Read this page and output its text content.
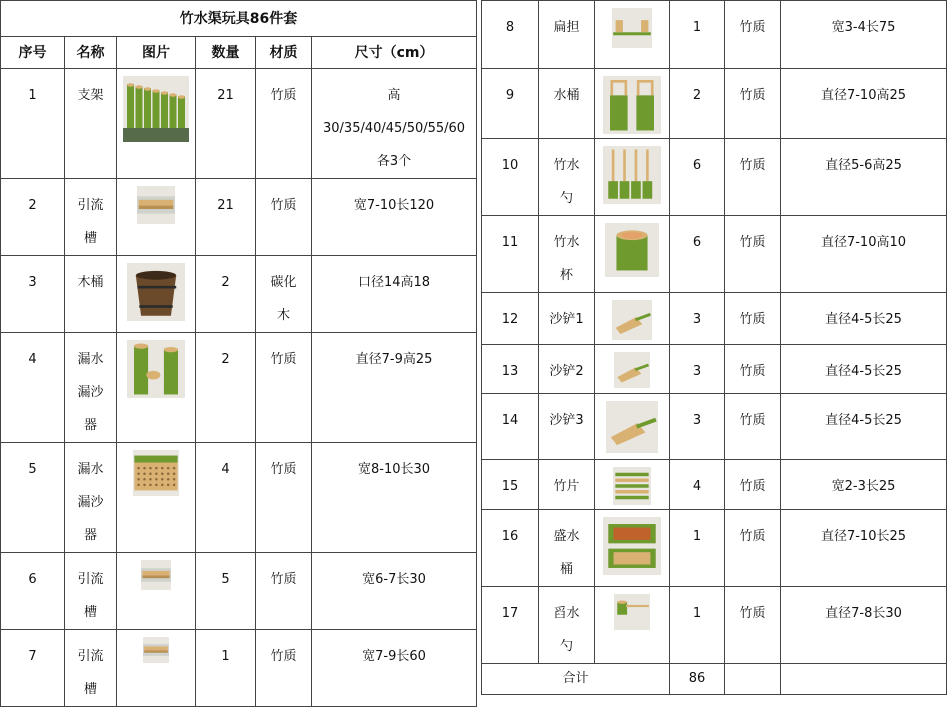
竹水渠玩具86件套					
序号	名称	图片	数量	材质	尺寸（cm）
1	支架		21	竹质	高
30/35/40/45/50/55/60
各3个

2	引流
槽		21	竹质	宽7-10长120

3	木桶		2	碳化
木	口径14高18

4	漏水
漏沙
器		2	竹质	直径7-9高25

5	漏水
漏沙
器		4	竹质	宽8-10长30

6	引流
槽		5	竹质	宽6-7长30

7	引流
槽		1	竹质	宽7-9长60
8	扁担		1	竹质	宽3-4长75
9	水桶		2	竹质	直径7-10高25
10	竹水
勺		6	竹质	直径5-6高25
11	竹水
杯		6	竹质	直径7-10高10
12	沙铲1		3	竹质	直径4-5长25
13	沙铲2		3	竹质	直径4-5长25
14	沙铲3		3	竹质	直径4-5长25
15	竹片		4	竹质	宽2-3长25
16	盛水
桶		1	竹质	直径7-10长25
17	舀水
勺		1	竹质	直径7-8长30
合计			86		
